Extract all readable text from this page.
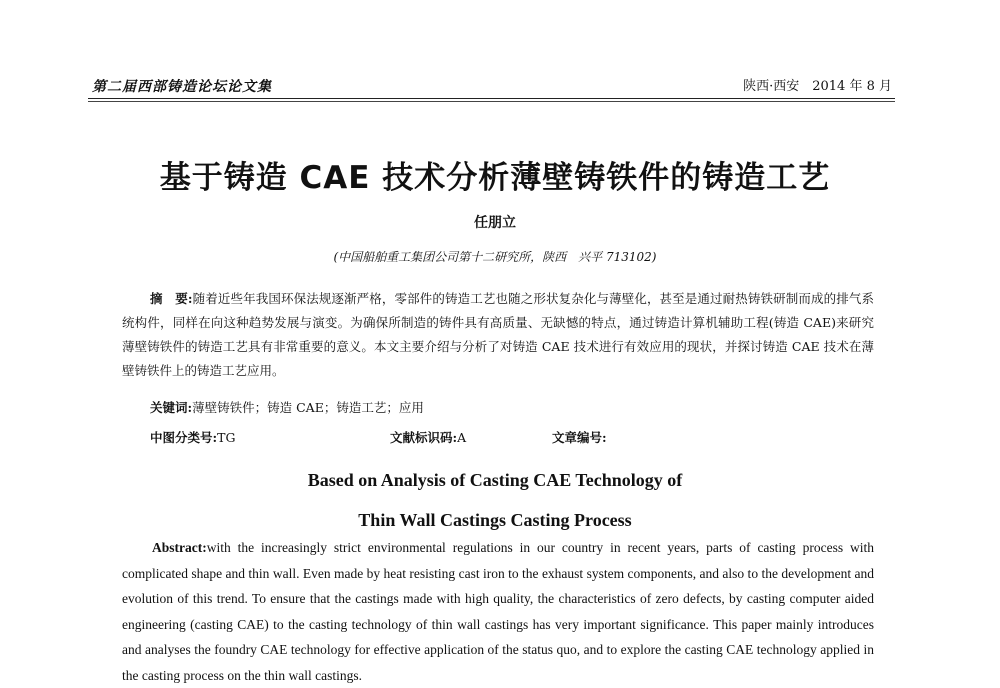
第二届西部铸造论坛论文集	陕西·西安　2014 年 8 月
基于铸造 CAE 技术分析薄壁铸铁件的铸造工艺
任朋立
(中国船舶重工集团公司第十二研究所，陕西　兴平 713102)

摘　要:随着近些年我国环保法规逐渐严格，零部件的铸造工艺也随之形状复杂化与薄壁化，甚至是通过耐热铸铁研制而成的排气系统构件，同样在向这种趋势发展与演变。为确保所制造的铸件具有高质量、无缺憾的特点，通过铸造计算机辅助工程(铸造 CAE)来研究薄壁铸铁件的铸造工艺具有非常重要的意义。本文主要介绍与分析了对铸造 CAE 技术进行有效应用的现状，并探讨铸造 CAE 技术在薄壁铸铁件上的铸造工艺应用。

关键词:薄壁铸铁件；铸造 CAE；铸造工艺；应用
中图分类号:TG	文献标识码:A	文章编号:
Based on Analysis of Casting CAE Technology of
Thin Wall Castings Casting Process

Abstract:with the increasingly strict environmental regulations in our country in recent years, parts of casting process with complicated shape and thin wall. Even made by heat resisting cast iron to the exhaust system components, and also to the development and evolution of this trend. To ensure that the castings made with high quality, the characteristics of zero defects, by casting computer aided engineering (casting CAE) to the casting technology of thin wall castings has very important significance. This paper mainly introduces and analyses the foundry CAE technology for effective application of the status quo, and to explore the casting CAE technology applied in the casting process on the thin wall castings.
